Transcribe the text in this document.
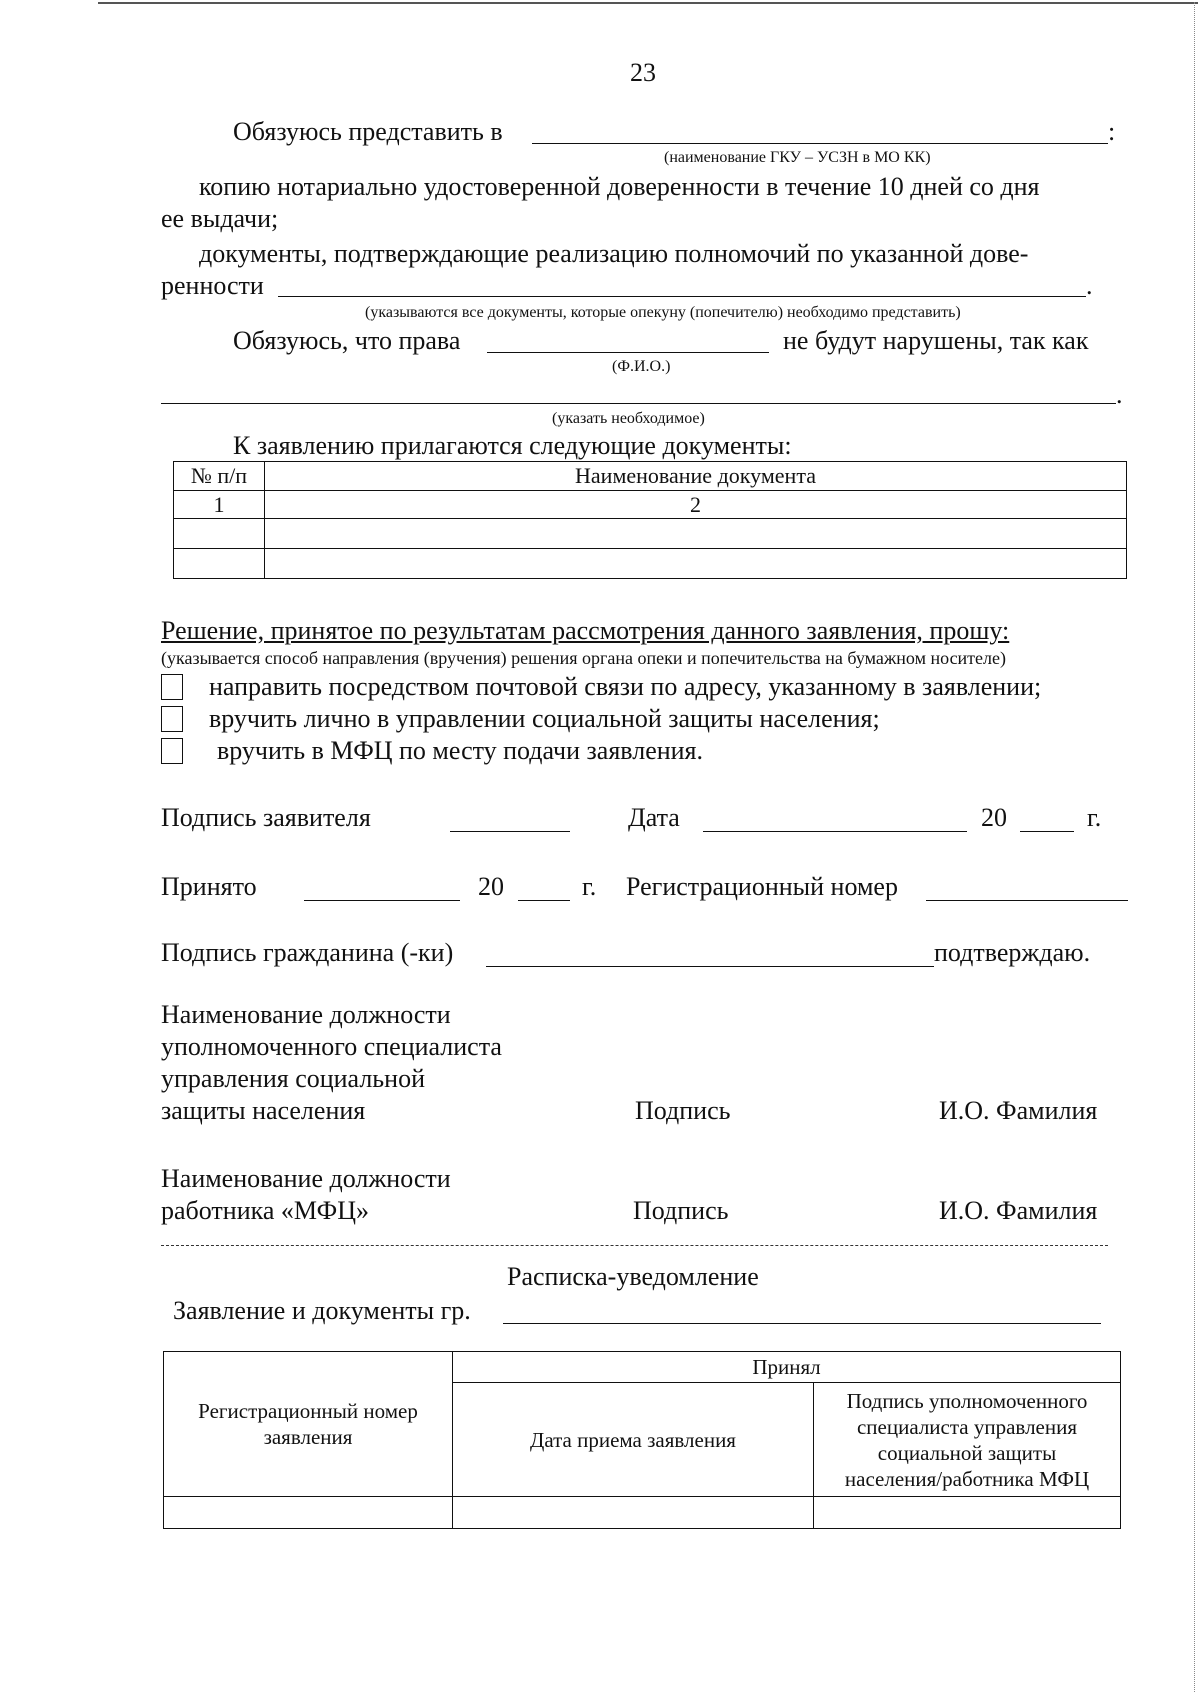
23
Обязуюсь представить в	:
(наименование ГКУ – УСЗН в МО КК)
копию нотариально удостоверенной доверенности в течение 10 дней со дня
ее выдачи;
документы, подтверждающие реализацию полномочий по указанной дове-
ренности	.
(указываются все документы, которые опекуну (попечителю) необходимо представить)
Обязуюсь, что права	не будут нарушены, так как
(Ф.И.О.)
.
(указать необходимое)
К заявлению прилагаются следующие документы:
№ п/п	Наименование документа
1	2

Решение, принятое по результатам рассмотрения данного заявления, прошу:
(указывается способ направления (вручения) решения органа опеки и попечительства на бумажном носителе)
направить посредством почтовой связи по адресу, указанному в заявлении;
вручить лично в управлении социальной защиты населения;
вручить в МФЦ по месту подачи заявления.
Подпись заявителя	Дата	20	г.
Принято	20	г. Регистрационный номер
Подпись гражданина (-ки)	подтверждаю.
Наименование должности
уполномоченного специалиста
управления социальной
защиты населения	Подпись	И.О. Фамилия
Наименование должности
работника «МФЦ»	Подпись	И.О. Фамилия
Расписка-уведомление
Заявление и документы гр.
Регистрационный номер
заявления	Принял	
	Дата приема заявления	Подпись уполномоченного
специалиста управления
социальной защиты
населения/работника МФЦ
